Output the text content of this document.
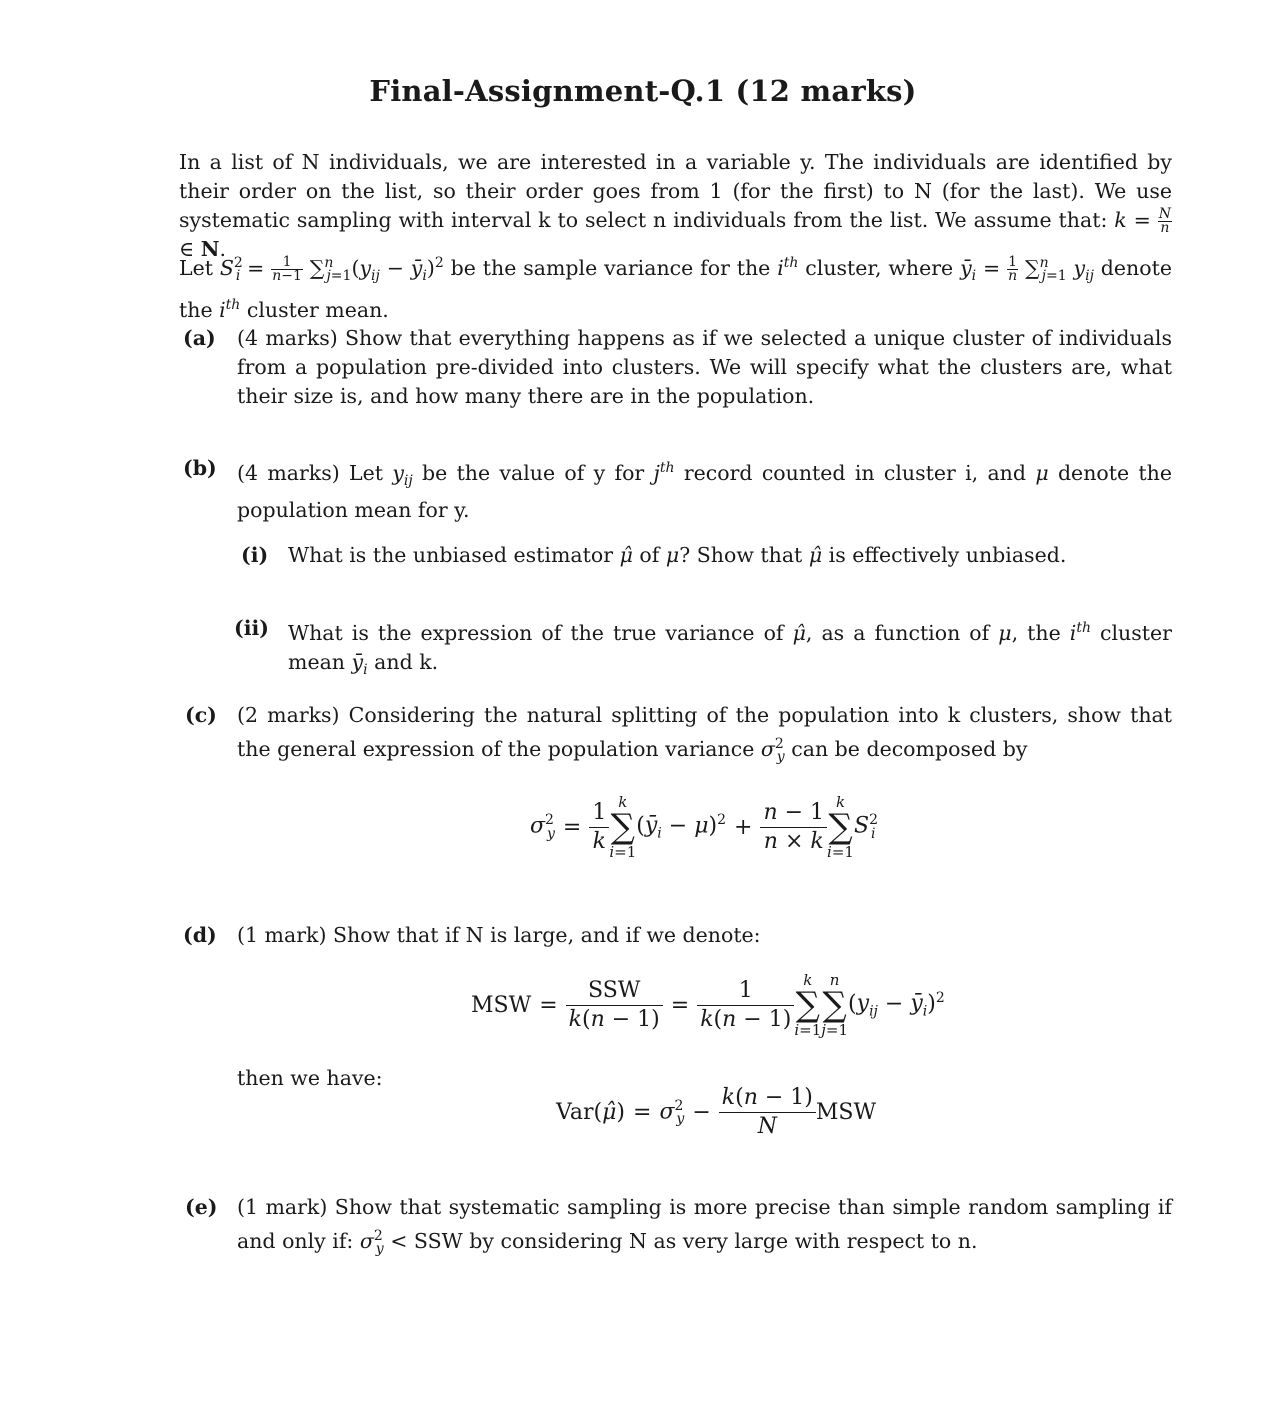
Final-Assignment-Q.1 (12 marks)
In a list of N individuals, we are interested in a variable y. The individuals are identified by their order on the list, so their order goes from 1 (for the first) to N (for the last). We use systematic sampling with interval k to select n individuals from the list. We assume that: $k = \frac{N}{n}$
∈ N.
Let $S^2_i = \frac{1}{n-1} \sum^n_{j=1}(y_{ij}$ − $ȳ_i)^2$ be the sample variance for the $i^{th}$ cluster, where $ȳ_i = \frac{1}{n} \sum^n_{j=1}$ $y_{ij}$ denote the $i^{th}$ cluster mean.
(a) (4 marks) Show that everything happens as if we selected a unique cluster of individuals from a population pre-divided into clusters. We will specify what the clusters are, what their size is, and how many there are in the population.
(b) (4 marks) Let $y_{ij}$ be the value of y for $j^{th}$ record counted in cluster i, and μ denote the population mean for y.
(i) What is the unbiased estimator μ̂ of μ? Show that μ̂ is effectively unbiased.
(ii) What is the expression of the true variance of μ̂, as a function of μ, the $i^{th}$ cluster mean $ȳ_i$ and k.
(c) (2 marks) Considering the natural splitting of the population into k clusters, show that the general expression of the population variance $\sigma^2_y$ can be decomposed by
$\sigma^2_y = \frac{1}{k}$ k
∑
i=1
$(ȳ_i - \mu)^2 + \frac{n - 1}{n \times k}$ k
∑
i=1
$S^2_i$
(d) (1 mark) Show that if N is large, and if we denote:
MSW = $\frac{\text{SSW}}{k(n - 1)} = \frac{1}{k(n - 1)}$ k
∑
i=1
n
∑
j=1
($y_{ij}$ − $ȳ_i)^2$
then we have:
Var(μ̂) = $\sigma^2_y - \frac{k(n - 1)}{N}$ MSW
(e) (1 mark) Show that systematic sampling is more precise than simple random sampling if and only if: $\sigma^2_y$ < SSW by considering N as very large with respect to n.
